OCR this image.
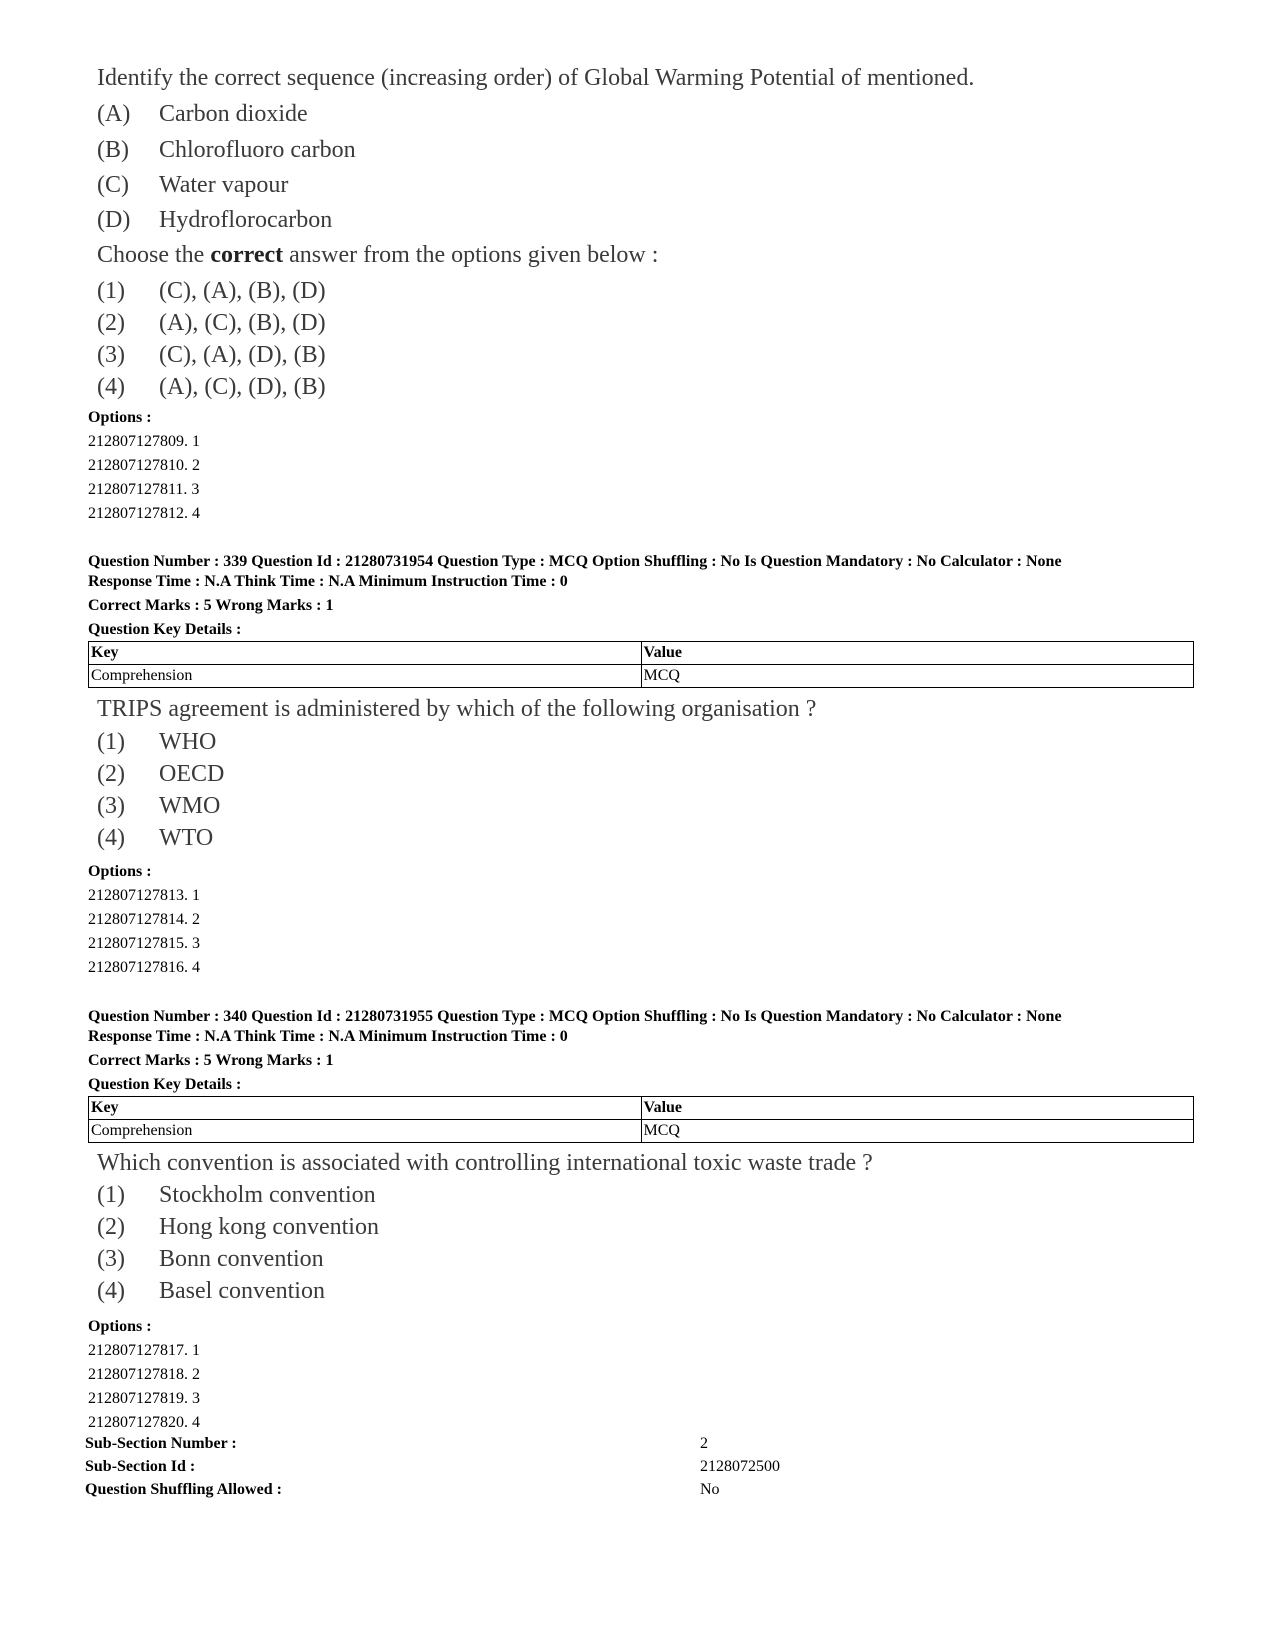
Identify the correct sequence (increasing order) of Global Warming Potential of mentioned.
(A)	Carbon dioxide
(B)	Chlorofluoro carbon
(C)	Water vapour
(D)	Hydroflorocarbon
Choose the correct answer from the options given below :
(1)	(C), (A), (B), (D)
(2)	(A), (C), (B), (D)
(3)	(C), (A), (D), (B)
(4)	(A), (C), (D), (B)
Options :
212807127809. 1
212807127810. 2
212807127811. 3
212807127812. 4
Question Number : 339 Question Id : 21280731954 Question Type : MCQ Option Shuffling : No Is Question Mandatory : No Calculator : None
Response Time : N.A Think Time : N.A Minimum Instruction Time : 0
Correct Marks : 5 Wrong Marks : 1
Question Key Details :
Key	Value
Comprehension	MCQ
TRIPS agreement is administered by which of the following organisation ?
(1)	WHO
(2)	OECD
(3)	WMO
(4)	WTO
Options :
212807127813. 1
212807127814. 2
212807127815. 3
212807127816. 4
Question Number : 340 Question Id : 21280731955 Question Type : MCQ Option Shuffling : No Is Question Mandatory : No Calculator : None
Response Time : N.A Think Time : N.A Minimum Instruction Time : 0
Correct Marks : 5 Wrong Marks : 1
Question Key Details :
Key	Value
Comprehension	MCQ
Which convention is associated with controlling international toxic waste trade ?
(1)	Stockholm convention
(2)	Hong kong convention
(3)	Bonn convention
(4)	Basel convention
Options :
212807127817. 1
212807127818. 2
212807127819. 3
212807127820. 4
Sub-Section Number :	2
Sub-Section Id :	2128072500
Question Shuffling Allowed :	No
